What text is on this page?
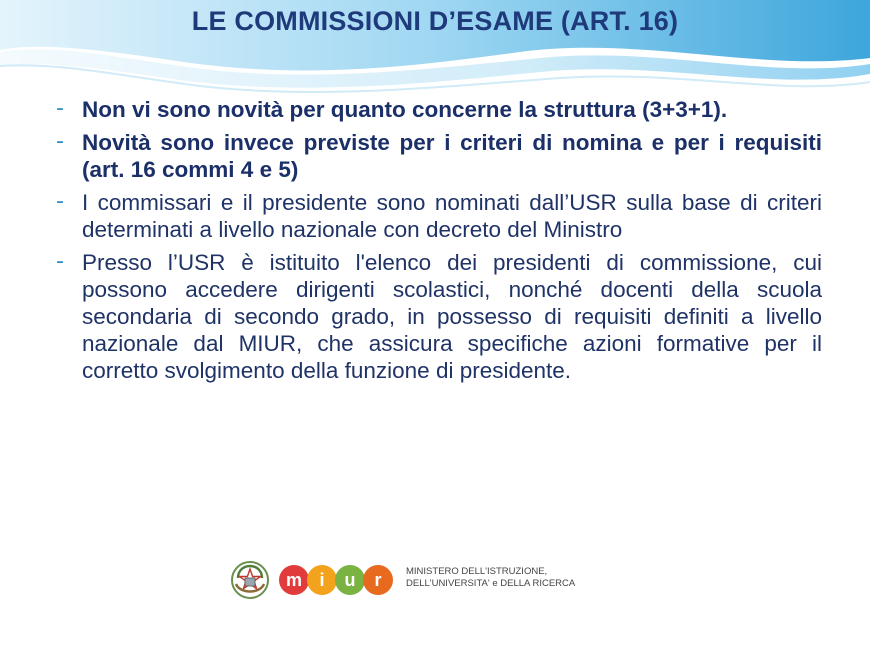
LE COMMISSIONI D’ESAME (ART. 16)
- Non vi sono novità per quanto concerne la struttura (3+3+1).
- Novità sono invece previste per i criteri di nomina e per i requisiti (art. 16 commi 4 e 5)
- I commissari e il presidente sono nominati dall’USR sulla base di criteri determinati a livello nazionale con decreto del Ministro
- Presso l’USR è istituito l'elenco dei presidenti di commissione, cui possono accedere dirigenti scolastici, nonché docenti della scuola secondaria di secondo grado, in possesso di requisiti definiti a livello nazionale dal MIUR, che assicura specifiche azioni formative per il corretto svolgimento della funzione di presidente.
m i u r	MINISTERO DELL'ISTRUZIONE,
DELL'UNIVERSITA' e DELLA RICERCA
